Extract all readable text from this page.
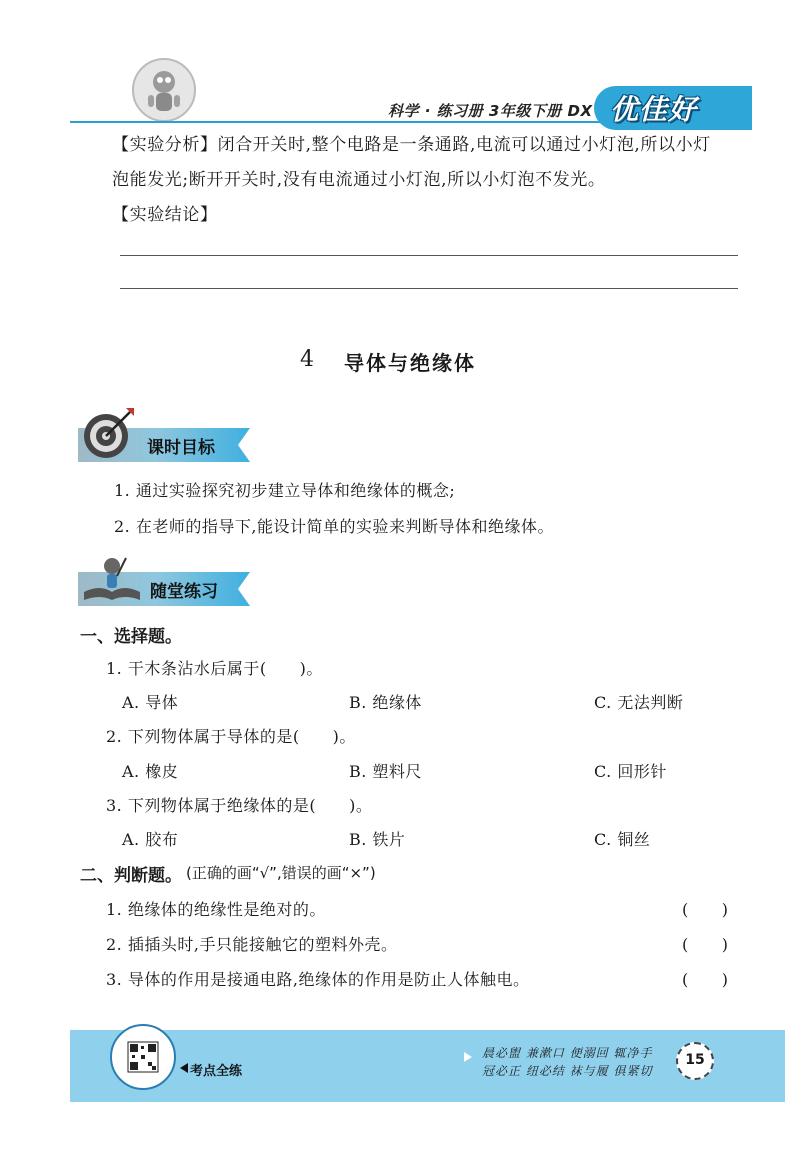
科学 · 练习册 3年级下册 DX 优佳好
【实验分析】闭合开关时,整个电路是一条通路,电流可以通过小灯泡,所以小灯
泡能发光;断开开关时,没有电流通过小灯泡,所以小灯泡不发光。
【实验结论】
4 导体与绝缘体
课时目标
1. 通过实验探究初步建立导体和绝缘体的概念;
2. 在老师的指导下,能设计简单的实验来判断导体和绝缘体。
随堂练习
一、选择题。
1. 干木条沾水后属于(　　)。
A. 导体	B. 绝缘体	C. 无法判断
2. 下列物体属于导体的是(　　)。
A. 橡皮	B. 塑料尺	C. 回形针
3. 下列物体属于绝缘体的是(　　)。
A. 胶布	B. 铁片	C. 铜丝
二、判断题。 (正确的画“√”,错误的画“×”)
1. 绝缘体的绝缘性是绝对的。	(　　)
2. 插插头时,手只能接触它的塑料外壳。	(　　)
3. 导体的作用是接通电路,绝缘体的作用是防止人体触电。	(　　)
考点全练
晨必盥 兼漱口 便溺回 辄净手
冠必正 纽必结 袜与履 俱紧切
15
